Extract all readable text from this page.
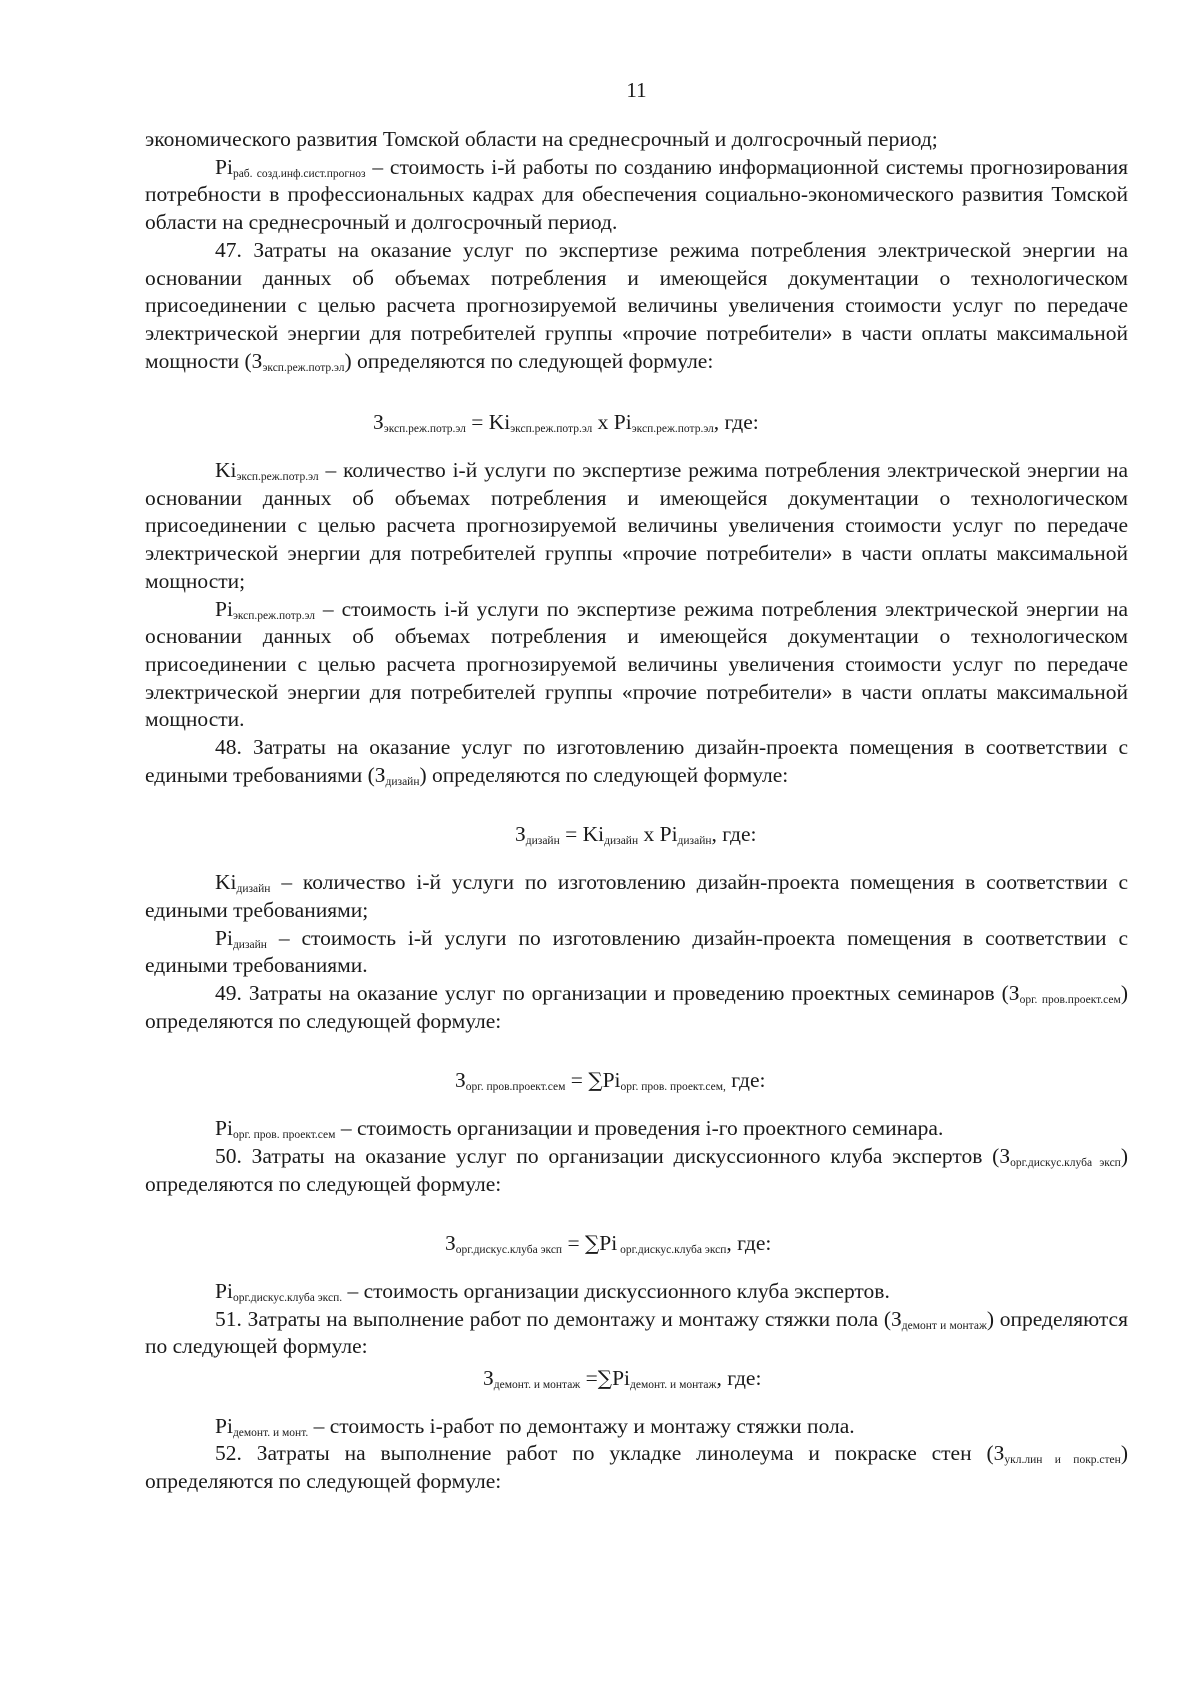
11

экономического развития Томской области на среднесрочный и долгосрочный период;

$Pi_{раб. созд.инф.сист.прогноз}$ – стоимость i-й работы по созданию информационной системы прогнозирования потребности в профессиональных кадрах для обеспечения социально-экономического развития Томской области на среднесрочный и долгосрочный период.

47. Затраты на оказание услуг по экспертизе режима потребления электрической энергии на основании данных об объемах потребления и имеющейся документации о технологическом присоединении с целью расчета прогнозируемой величины увеличения стоимости услуг по передаче электрической энергии для потребителей группы «прочие потребители» в части оплаты максимальной мощности $(З_{эксп.реж.потр.эл})$ определяются по следующей формуле:

$З_{эксп.реж.потр.эл} = Ki_{эксп.реж.потр.эл}$ x $Pi_{эксп.реж.потр.эл}$, где:

$Ki_{эксп.реж.потр.эл}$ – количество i-й услуги по экспертизе режима потребления электрической энергии на основании данных об объемах потребления и имеющейся документации о технологическом присоединении с целью расчета прогнозируемой величины увеличения стоимости услуг по передаче электрической энергии для потребителей группы «прочие потребители» в части оплаты максимальной мощности;

$Pi_{эксп.реж.потр.эл}$ – стоимость i-й услуги по экспертизе режима потребления электрической энергии на основании данных об объемах потребления и имеющейся документации о технологическом присоединении с целью расчета прогнозируемой величины увеличения стоимости услуг по передаче электрической энергии для потребителей группы «прочие потребители» в части оплаты максимальной мощности.

48. Затраты на оказание услуг по изготовлению дизайн-проекта помещения в соответствии с едиными требованиями $(З_{дизайн})$ определяются по следующей формуле:

$З_{дизайн} = Ki_{дизайн}$ x $Pi_{дизайн}$, где:

$Ki_{дизайн}$ – количество i-й услуги по изготовлению дизайн-проекта помещения в соответствии с едиными требованиями;

$Pi_{дизайн}$ – стоимость i-й услуги по изготовлению дизайн-проекта помещения в соответствии с едиными требованиями.

49. Затраты на оказание услуг по организации и проведению проектных семинаров $(З_{орг. пров.проект.сем})$ определяются по следующей формуле:

$З_{орг. пров.проект.сем} = \sum Pi_{орг. пров. проект.сем,}$ где:

$Pi_{орг. пров. проект.сем}$ – стоимость организации и проведения i-го проектного семинара.

50. Затраты на оказание услуг по организации дискуссионного клуба экспертов $(З_{орг.дискус.клуба эксп})$ определяются по следующей формуле:

$З_{орг.дискус.клуба эксп} = \sum Pi$ $_{орг.дискус.клуба эксп}$, где:

$Pi_{орг.дискус.клуба эксп.}$ – стоимость организации дискуссионного клуба экспертов.

51. Затраты на выполнение работ по демонтажу и монтажу стяжки пола $(З_{демонт и монтаж})$ определяются по следующей формуле:

$З_{демонт. и монтаж} =\sum Pi_{демонт. и монтаж}$, где:

$Pi_{демонт. и монт.}$ – стоимость i-работ по демонтажу и монтажу стяжки пола.

52. Затраты на выполнение работ по укладке линолеума и покраске стен $(З_{укл.лин и покр.стен})$ определяются по следующей формуле:
